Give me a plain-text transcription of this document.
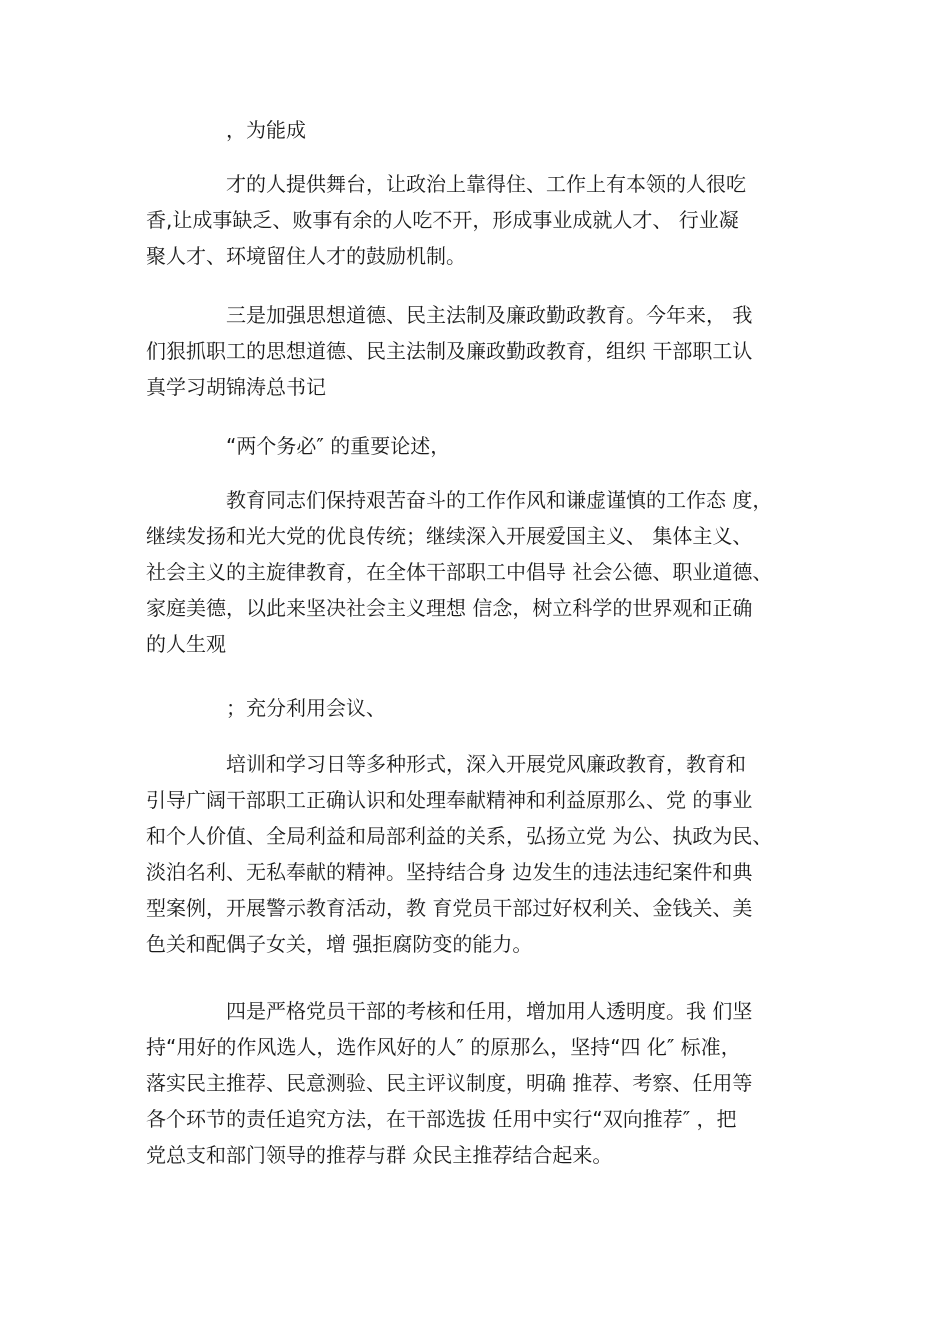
　　　　，为能成
　　　　才的人提供舞台，让政治上靠得住、工作上有本领的人很吃
香,让成事缺乏、败事有余的人吃不开，形成事业成就人才、 行业凝
聚人才、环境留住人才的鼓励机制。
　　　　三是加强思想道德、民主法制及廉政勤政教育。今年来， 我
们狠抓职工的思想道德、民主法制及廉政勤政教育，组织 干部职工认
真学习胡锦涛总书记
　　　　“两个务必″ 的重要论述，
　　　　教育同志们保持艰苦奋斗的工作作风和谦虚谨慎的工作态 度，
继续发扬和光大党的优良传统；继续深入开展爱国主义、 集体主义、
社会主义的主旋律教育，在全体干部职工中倡导 社会公德、职业道德、
家庭美德，以此来坚决社会主义理想 信念，树立科学的世界观和正确
的人生观
　　　　；充分利用会议、
　　　　培训和学习日等多种形式，深入开展党风廉政教育，教育和
引导广阔干部职工正确认识和处理奉献精神和利益原那么、党 的事业
和个人价值、全局利益和局部利益的关系，弘扬立党 为公、执政为民、
淡泊名利、无私奉献的精神。坚持结合身 边发生的违法违纪案件和典
型案例，开展警示教育活动，教 育党员干部过好权利关、金钱关、美
色关和配偶子女关，增 强拒腐防变的能力。
　　　　四是严格党员干部的考核和任用，增加用人透明度。我 们坚
持“用好的作风选人，选作风好的人″ 的原那么，坚持“四 化″ 标准，
落实民主推荐、民意测验、民主评议制度，明确 推荐、考察、任用等
各个环节的责任追究方法，在干部选拔 任用中实行“双向推荐″ ，把
党总支和部门领导的推荐与群 众民主推荐结合起来。
